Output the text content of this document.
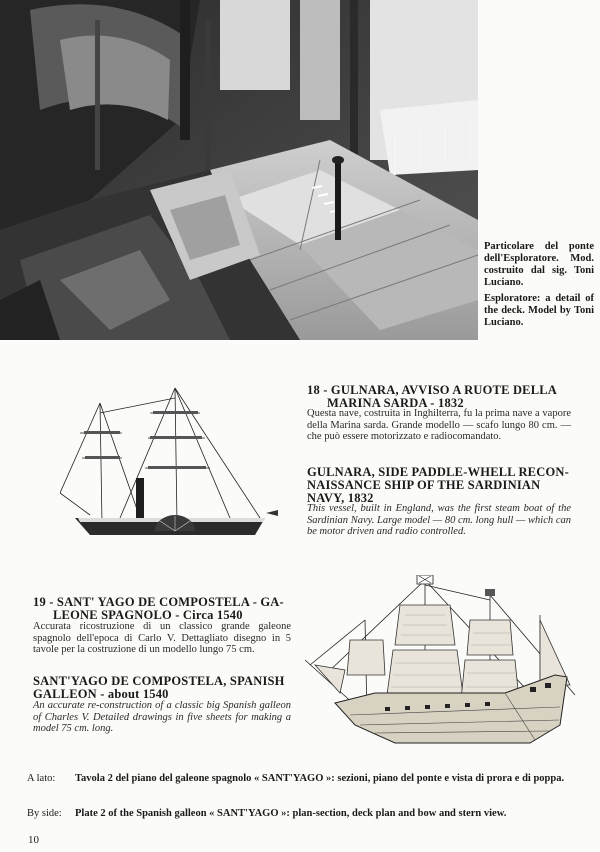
Particolare del ponte dell'Esploratore. Mod. costruito dal sig. Toni Luciano.
Esploratore: a detail of the deck. Model by Toni Luciano.
18 - GULNARA, AVVISO A RUOTE DELLA
MARINA SARDA - 1832
Questa nave, costruita in Inghilterra, fu la prima nave a vapore della Marina sarda. Grande modello — scafo lungo 80 cm. — che può essere motorizzato e radiocomandato.
GULNARA, SIDE PADDLE-WHELL RECON-
NAISSANCE SHIP OF THE SARDINIAN
NAVY, 1832
This vessel, built in England, was the first steam boat of the Sardinian Navy. Large model — 80 cm. long hull — which can be motor driven and radio controlled.
19 - SANT' YAGO DE COMPOSTELA - GA-
LEONE SPAGNOLO - Circa 1540
Accurata ricostruzione di un classico grande galeone spagnolo dell'epoca di Carlo V. Dettagliato disegno in 5 tavole per la costruzione di un modello lungo 75 cm.
SANT'YAGO DE COMPOSTELA, SPANISH
GALLEON - about 1540
An accurate re-construction of a classic big Spanish galleon of Charles V. Detailed drawings in five sheets for making a model 75 cm. long.
A lato: Tavola 2 del piano del galeone spagnolo « SANT'YAGO »: sezioni, piano del ponte e vista di prora e di poppa.
By side: Plate 2 of the Spanish galleon « SANT'YAGO »: plan-section, deck plan and bow and stern view.
10
